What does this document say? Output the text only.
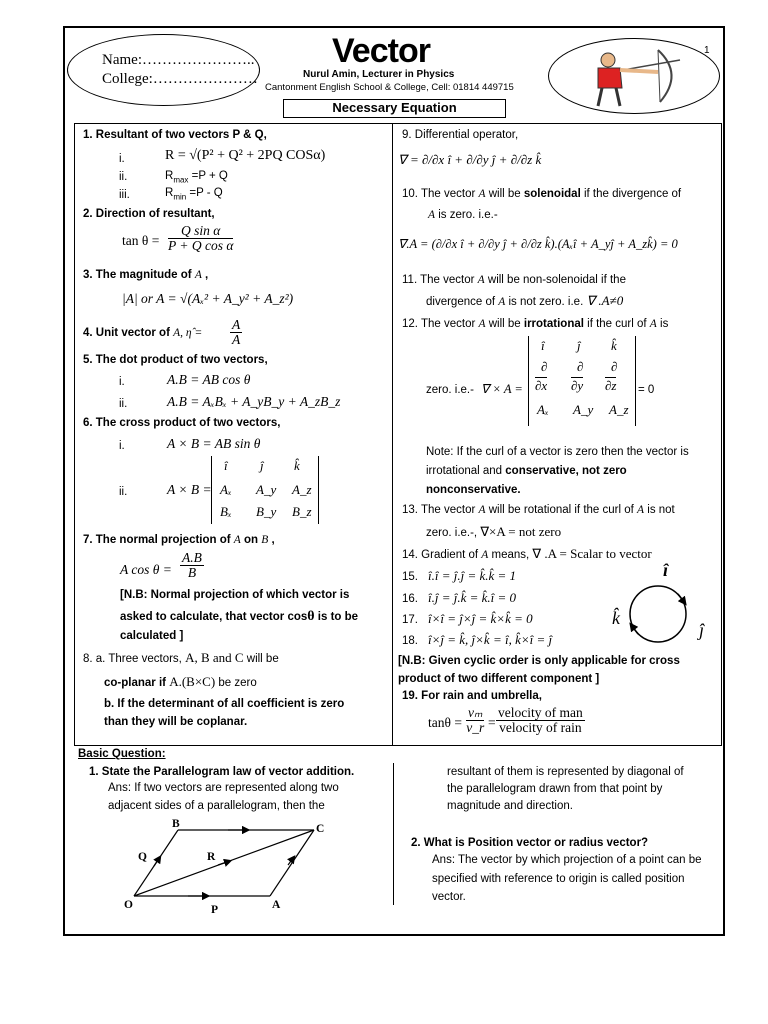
1
Name:…………………..
College:…………………
Vector
Nurul Amin, Lecturer in Physics
Cantonment English School & College, Cell: 01814 449715
Necessary Equation
1. Resultant of two vectors P & Q,
i.	R = √(P² + Q² + 2PQ COSα)
ii.	$R_{max} =P + Q$
iii.	$R_{min} =P - Q$
2. Direction of resultant,
$\tan \theta = \frac{\text{Q sin α}}{\text{P + Q cos α}}$
3. The magnitude of A ,
|A| or A = √(Aₓ² + A_y² + A_z²)
4. Unit vector of A, η̂ = $\frac{A}{A}$
5. The dot product of two vectors,
i.	A.B = AB cos θ
ii.	A.B = AₓBₓ + A_yB_y + A_zB_z
6. The cross product of two vectors,
i.	A × B = AB sin θ
ii.	A × B =
î ĵ k̂
Aₓ A_y A_z
Bₓ B_y B_z
7. The normal projection of A on B ,
A $\cos \theta = \frac{A.B}{B}$
[N.B: Normal projection of which vector is
asked to calculate, that vector cosθ is to be
calculated ]
8. a. Three vectors, A, B and C will be
co-planar if A.(B×C) be zero
b. If the determinant of all coefficient is zero
than they will be coplanar.
9. Differential operator,
∇ = ∂/∂x î + ∂/∂y ĵ + ∂/∂z k̂
10. The vector A will be solenoidal if the divergence of
A is zero. i.e.-
∇.A = (∂/∂x î + ∂/∂y ĵ + ∂/∂z k̂).(Aₓî + A_yĵ + A_zk̂) = 0
11. The vector A will be non-solenoidal if the
divergence of A is not zero. i.e. ∇ .A≠0
12. The vector A will be irrotational if the curl of A is
zero. i.e.- ∇ × A =
î ĵ k̂
∂ ∂ ∂
∂x ∂y ∂z
Aₓ A_y A_z
= 0
Note: If the curl of a vector is zero then the vector is
irrotational and conservative, not zero
nonconservative.
13. The vector A will be rotational if the curl of A is not
zero. i.e.-, ∇×A = not zero
14. Gradient of A means, ∇ .A = Scalar to vector
15. î.î = ĵ.ĵ = k̂.k̂ = 1
16. î.ĵ = ĵ.k̂ = k̂.î = 0
17. î×î = ĵ×ĵ = k̂×k̂ = 0
18. î×ĵ = k̂, ĵ×k̂ = î, k̂×î = ĵ
î
k̂
ĵ
[N.B: Given cyclic order is only applicable for cross
product of two different component ]
19. For rain and umbrella,
$\tan\theta = \frac{\text{vₘ}}{v\_r} = \frac{\text{velocity of man}}{\text{velocity of rain}}$
Basic Question:
1. State the Parallelogram law of vector addition.
Ans: If two vectors are represented along two
adjacent sides of a parallelogram, then the
resultant of them is represented by diagonal of
the parallelogram drawn from that point by
magnitude and direction.
B	C
O	A
Q	R
P
2. What is Position vector or radius vector?
Ans: The vector by which projection of a point can be
specified with reference to origin is called position
vector.
